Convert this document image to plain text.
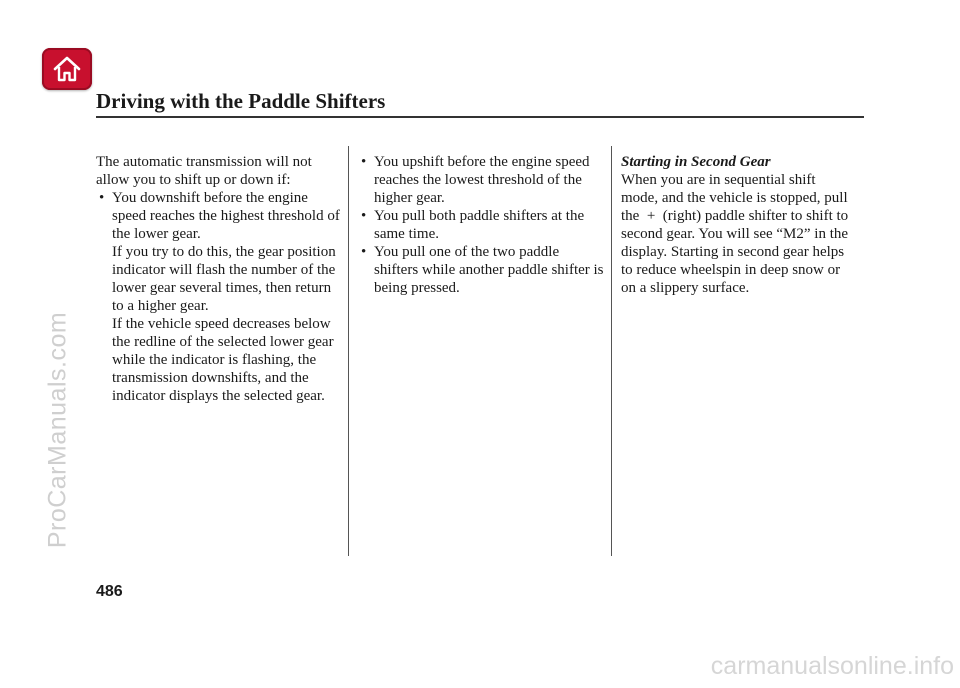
Driving with the Paddle Shifters

The automatic transmission will not allow you to shift up or down if:

• You downshift before the engine speed reaches the highest threshold of the lower gear.

If you try to do this, the gear position indicator will flash the number of the lower gear several times, then return to a higher gear.

If the vehicle speed decreases below the redline of the selected lower gear while the indicator is flashing, the transmission downshifts, and the indicator displays the selected gear.

• You upshift before the engine speed reaches the lowest threshold of the higher gear.

• You pull both paddle shifters at the same time.

• You pull one of the two paddle shifters while another paddle shifter is being pressed.

Starting in Second Gear

When you are in sequential shift mode, and the vehicle is stopped, pull the  +  (right) paddle shifter to shift to second gear. You will see “M2” in the display. Starting in second gear helps to reduce wheelspin in deep snow or on a slippery surface.

486
ProCarManuals.com
carmanualsonline.info
